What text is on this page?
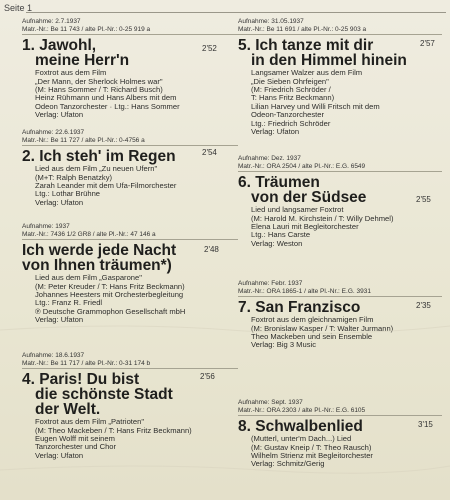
Seite 1
Aufnahme: 2.7.1937
Matr.-Nr.: Be 11 743 / alte Pl.-Nr.: 0-25 919 a
1. Jawohl,
meine Herr'n
2'52
Foxtrot aus dem Film
„Der Mann, der Sherlock Holmes war"
(M: Hans Sommer / T: Richard Busch)
Heinz Rühmann und Hans Albers mit dem
Odeon Tanzorchester · Ltg.: Hans Sommer
Verlag: Ufaton
Aufnahme: 22.6.1937
Matr.-Nr.: Be 11 727 / alte Pl.-Nr.: 0-4756 a
2. Ich steh' im Regen	2'54
Lied aus dem Film „Zu neuen Ufern"
(M+T: Ralph Benatzky)
Zarah Leander mit dem Ufa-Filmorchester
Ltg.: Lothar Brühne
Verlag: Ufaton
Aufnahme: 1937
Matr.-Nr.: 7436 1/2 GR8 / alte Pl.-Nr.: 47 146 a
Ich werde jede Nacht
von Ihnen träumen*)
2'48
Lied aus dem Film „Gasparone"
(M: Peter Kreuder / T: Hans Fritz Beckmann)
Johannes Heesters mit Orchesterbegleitung
Ltg.: Franz R. Friedl
℗ Deutsche Grammophon Gesellschaft mbH
Verlag: Ufaton
Aufnahme: 18.6.1937
Matr.-Nr.: Be 11 717 / alte Pl.-Nr.: 0-31 174 b
4. Paris! Du bist
die schönste Stadt
der Welt.
2'56
Foxtrot aus dem Film „Patrioten"
(M: Theo Mackeben / T: Hans Fritz Beckmann)
Eugen Wolff mit seinem
Tanzorchester und Chor
Verlag: Ufaton
Aufnahme: 31.05.1937
Matr.-Nr.: Be 11 691 / alte Pl.-Nr.: 0-25 903 a
5. Ich tanze mit dir
in den Himmel hinein
2'57
Langsamer Walzer aus dem Film
„Die Sieben Ohrfeigen"
(M: Friedrich Schröder /
T: Hans Fritz Beckmann)
Lilian Harvey und Willi Fritsch mit dem
Odeon-Tanzorchester
Ltg.: Friedrich Schröder
Verlag: Ufaton
Aufnahme: Dez. 1937
Matr.-Nr.: ORA 2504 / alte Pl.-Nr.: E.G. 6549
6. Träumen
von der Südsee	2'55
Lied und langsamer Foxtrot
(M: Harold M. Kirchstein / T: Willy Dehmel)
Elena Lauri mit Begleitorchester
Ltg.: Hans Carste
Verlag: Weston
Aufnahme: Febr. 1937
Matr.-Nr.: ORA 1865-1 / alte Pl.-Nr.: E.G. 3931
7. San Franzisco	2'35
Foxtrot aus dem gleichnamigen Film
(M: Bronislaw Kasper / T: Walter Jurmann)
Theo Mackeben und sein Ensemble
Verlag: Big 3 Music
Aufnahme: Sept. 1937
Matr.-Nr.: ORA 2303 / alte Pl.-Nr.: E.G. 6105
8. Schwalbenlied	3'15
(Mutterl, unter'm Dach...) Lied
(M: Gustav Kneip / T: Theo Rausch)
Wilhelm Strienz mit Begleitorchester
Verlag: Schmitz/Gerig
